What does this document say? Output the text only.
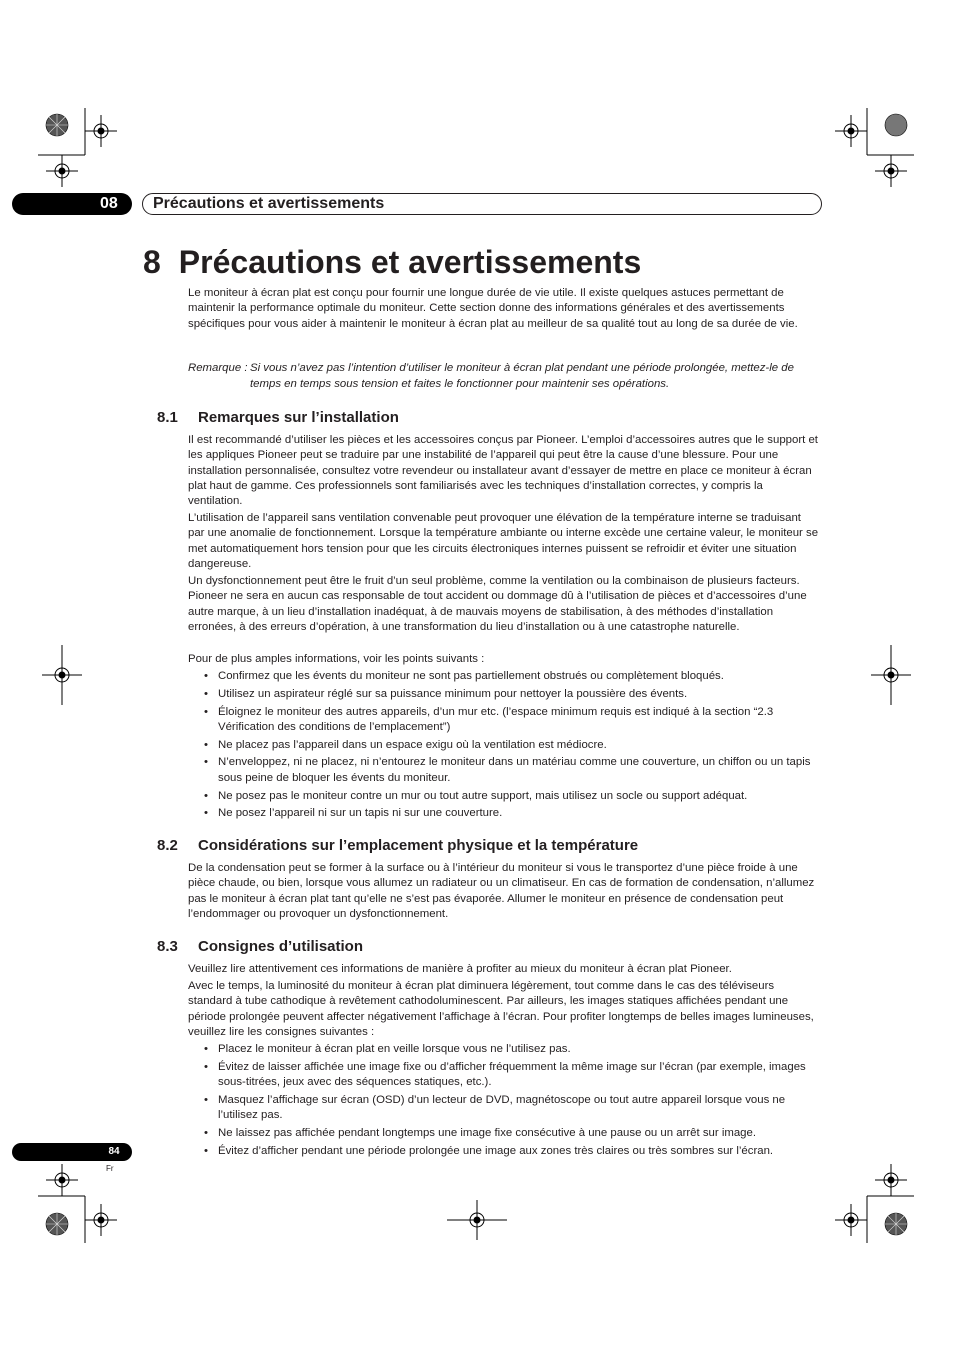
08	Précautions et avertissements
8 Précautions et avertissements
Le moniteur à écran plat est conçu pour fournir une longue durée de vie utile. Il existe quelques astuces permettant de maintenir la performance optimale du moniteur. Cette section donne des informations générales et des avertissements spécifiques pour vous aider à maintenir le moniteur à écran plat au meilleur de sa qualité tout au long de sa durée de vie.
Remarque : Si vous n’avez pas l’intention d’utiliser le moniteur à écran plat pendant une période prolongée, mettez-le de temps en temps sous tension et faites le fonctionner pour maintenir ses opérations.
8.1 Remarques sur l’installation
Il est recommandé d’utiliser les pièces et les accessoires conçus par Pioneer. L’emploi d’accessoires autres que le support et les appliques Pioneer peut se traduire par une instabilité de l’appareil qui peut être la cause d’une blessure. Pour une installation personnalisée, consultez votre revendeur ou installateur avant d’essayer de mettre en place ce moniteur à écran plat haut de gamme. Ces professionnels sont familiarisés avec les techniques d’installation correctes, y compris la ventilation.
L’utilisation de l’appareil sans ventilation convenable peut provoquer une élévation de la température interne se traduisant par une anomalie de fonctionnement. Lorsque la température ambiante ou interne excède une certaine valeur, le moniteur se met automatiquement hors tension pour que les circuits électroniques internes puissent se refroidir et éviter une situation dangereuse.
Un dysfonctionnement peut être le fruit d’un seul problème, comme la ventilation ou la combinaison de plusieurs facteurs. Pioneer ne sera en aucun cas responsable de tout accident ou dommage dû à l’utilisation de pièces et d’accessoires d’une autre marque, à un lieu d’installation inadéquat, à de mauvais moyens de stabilisation, à des méthodes d’installation erronées, à des erreurs d’opération, à une transformation du lieu d’installation ou à une catastrophe naturelle.
Pour de plus amples informations, voir les points suivants :
• Confirmez que les évents du moniteur ne sont pas partiellement obstrués ou complètement bloqués.
• Utilisez un aspirateur réglé sur sa puissance minimum pour nettoyer la poussière des évents.
• Éloignez le moniteur des autres appareils, d’un mur etc. (l’espace minimum requis est indiqué à la section “2.3 Vérification des conditions de l’emplacement”)
• Ne placez pas l’appareil dans un espace exigu où la ventilation est médiocre.
• N’enveloppez, ni ne placez, ni n’entourez le moniteur dans un matériau comme une couverture, un chiffon ou un tapis sous peine de bloquer les évents du moniteur.
• Ne posez pas le moniteur contre un mur ou tout autre support, mais utilisez un socle ou support adéquat.
• Ne posez l’appareil ni sur un tapis ni sur une couverture.
8.2 Considérations sur l’emplacement physique et la température
De la condensation peut se former à la surface ou à l’intérieur du moniteur si vous le transportez d’une pièce froide à une pièce chaude, ou bien, lorsque vous allumez un radiateur ou un climatiseur. En cas de formation de condensation, n’allumez pas le moniteur à écran plat tant qu’elle ne s’est pas évaporée. Allumer le moniteur en présence de condensation peut l’endommager ou provoquer un dysfonctionnement.
8.3 Consignes d’utilisation
Veuillez lire attentivement ces informations de manière à profiter au mieux du moniteur à écran plat Pioneer.
Avec le temps, la luminosité du moniteur à écran plat diminuera légèrement, tout comme dans le cas des téléviseurs standard à tube cathodique à revêtement cathodoluminescent. Par ailleurs, les images statiques affichées pendant une période prolongée peuvent affecter négativement l’affichage à l’écran. Pour profiter longtemps de belles images lumineuses, veuillez lire les consignes suivantes :
• Placez le moniteur à écran plat en veille lorsque vous ne l’utilisez pas.
• Évitez de laisser affichée une image fixe ou d’afficher fréquemment la même image sur l’écran (par exemple, images sous-titrées, jeux avec des séquences statiques, etc.).
• Masquez l’affichage sur écran (OSD) d’un lecteur de DVD, magnétoscope ou tout autre appareil lorsque vous ne l’utilisez pas.
• Ne laissez pas affichée pendant longtemps une image fixe consécutive à une pause ou un arrêt sur image.
• Évitez d’afficher pendant une période prolongée une image aux zones très claires ou très sombres sur l’écran.
84
Fr
